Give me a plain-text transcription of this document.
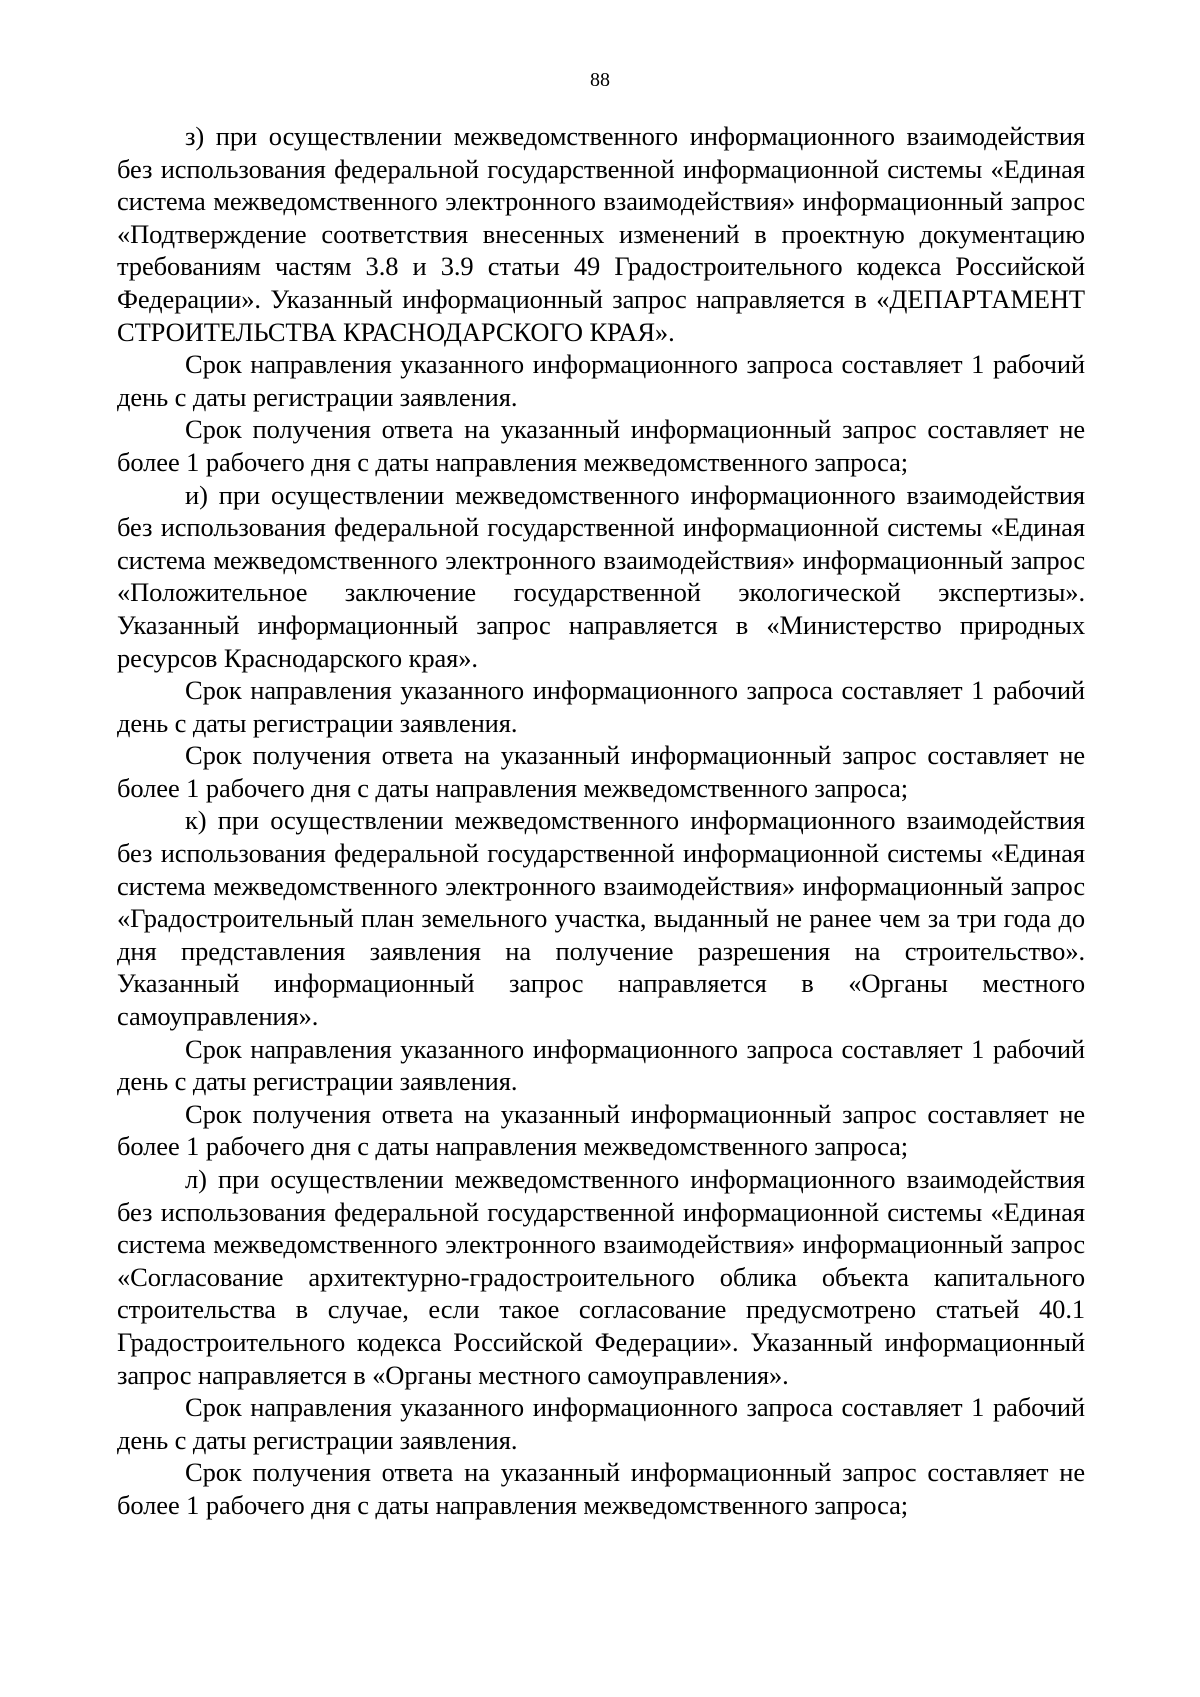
88

з) при осуществлении межведомственного информационного взаимодействия без использования федеральной государственной информационной системы «Единая система межведомственного электронного взаимодействия» информационный запрос «Подтверждение соответствия внесенных изменений в проектную документацию требованиям частям 3.8 и 3.9 статьи 49 Градостроительного кодекса Российской Федерации». Указанный информационный запрос направляется в «ДЕПАРТАМЕНТ СТРОИТЕЛЬСТВА КРАСНОДАРСКОГО КРАЯ».

Срок направления указанного информационного запроса составляет 1 рабочий день с даты регистрации заявления.

Срок получения ответа на указанный информационный запрос составляет не более 1 рабочего дня с даты направления межведомственного запроса;

и) при осуществлении межведомственного информационного взаимодействия без использования федеральной государственной информационной системы «Единая система межведомственного электронного взаимодействия» информационный запрос «Положительное заключение государственной экологической экспертизы». Указанный информационный запрос направляется в «Министерство природных ресурсов Краснодарского края».

Срок направления указанного информационного запроса составляет 1 рабочий день с даты регистрации заявления.

Срок получения ответа на указанный информационный запрос составляет не более 1 рабочего дня с даты направления межведомственного запроса;

к) при осуществлении межведомственного информационного взаимодействия без использования федеральной государственной информационной системы «Единая система межведомственного электронного взаимодействия» информационный запрос «Градостроительный план земельного участка, выданный не ранее чем за три года до дня представления заявления на получение разрешения на строительство». Указанный информационный запрос направляется в «Органы местного самоуправления».

Срок направления указанного информационного запроса составляет 1 рабочий день с даты регистрации заявления.

Срок получения ответа на указанный информационный запрос составляет не более 1 рабочего дня с даты направления межведомственного запроса;

л) при осуществлении межведомственного информационного взаимодействия без использования федеральной государственной информационной системы «Единая система межведомственного электронного взаимодействия» информационный запрос «Согласование архитектурно-градостроительного облика объекта капитального строительства в случае, если такое согласование предусмотрено статьей 40.1 Градостроительного кодекса Российской Федерации». Указанный информационный запрос направляется в «Органы местного самоуправления».

Срок направления указанного информационного запроса составляет 1 рабочий день с даты регистрации заявления.

Срок получения ответа на указанный информационный запрос составляет не более 1 рабочего дня с даты направления межведомственного запроса;
